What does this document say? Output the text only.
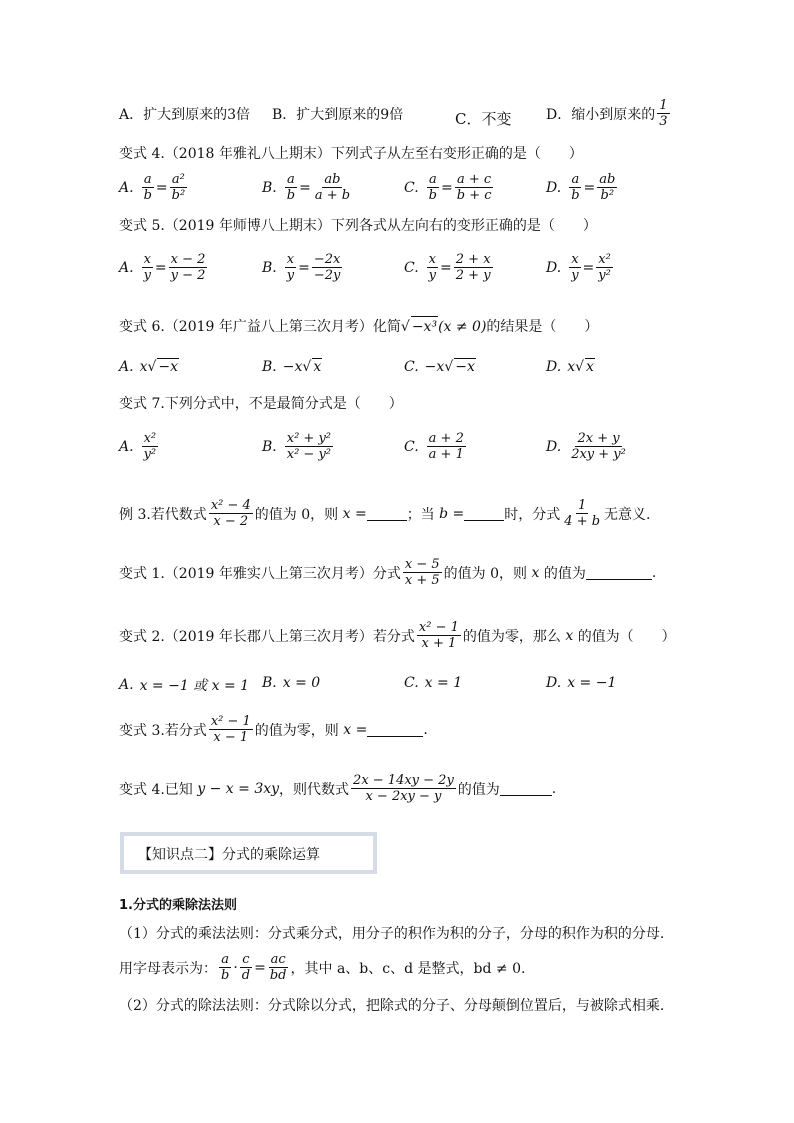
A．扩大到原来的3倍 B．扩大到原来的9倍	C．不变 D．缩小到原来的 $\frac{1}{3}$
变式 4.（2018 年雅礼八上期末）下列式子从左至右变形正确的是（　　）
A. $\frac{a}{b} = \frac{\text{a²}}{\text{b²}}$	B. $\frac{a}{b} = \frac{ab}{a + b}$	C. $\frac{a}{b} = \frac{a + c}{b + c}$	D. $\frac{a}{b} = \frac{ab}{\text{b²}}$
变式 5.（2019 年师博八上期末）下列各式从左向右的变形正确的是（　　）
A. $\frac{x}{y} = \frac{x - 2}{y - 2}$	B. $\frac{x}{y} = \frac{-2x}{-2y}$	C. $\frac{x}{y} = \frac{2 + x}{2 + y}$	D. $\frac{x}{y} = \frac{\text{x²}}{\text{y²}}$
变式 6.（2019 年广益八上第三次月考）化简√ −x³(x ≠ 0)的结果是（　　）
A. x √ −x	B. −x √ x	C. −x √ −x	D. x √ x
变式 7.下列分式中，不是最简分式是（　　）
A. $\frac{\text{x²}}{\text{y²}}$	B. $\frac{\text{x² + y²}}{\text{x² − y²}}$	C. $\frac{a + 2}{a + 1}$	D. $\frac{2x + y}{\text{2xy + y²}}$
例 3.若代数式 $\frac{\text{x² − 4}}{x - 2}$ 的值为 0，则
x =	；当
b =	时，分式 $\frac{1}{4 + b}$ 无意义.
变式 1.（2019 年雅实八上第三次月考）分式 $\frac{x - 5}{x + 5}$ 的值为 0，则
x
的值为	.
变式 2.（2019 年长郡八上第三次月考）若分式 $\frac{\text{x² − 1}}{x + 1}$ 的值为零，那么
x
的值为（　　）
A. x = −1 或 x = 1 B. x = 0	C. x = 1	D. x = −1
变式 3.若分式 $\frac{\text{x² − 1}}{x - 1}$ 的值为零，则
x =	.
变式 4.已知
y − x = 3xy ，则代数式 $\frac{2x - 14xy - 2y}{x - 2xy - y}$ 的值为	.
【知识点二】分式的乘除运算
1.分式的乘除法法则
（1）分式的乘法法则：分式乘分式，用分子的积作为积的分子，分母的积作为积的分母.
用字母表示为： $\frac{a}{b} \cdot \frac{c}{d} = \frac{ac}{bd}$ ，其中 a、b、c、d 是整式，bd ≠ 0.
（2）分式的除法法则：分式除以分式，把除式的分子、分母颠倒位置后，与被除式相乘.
